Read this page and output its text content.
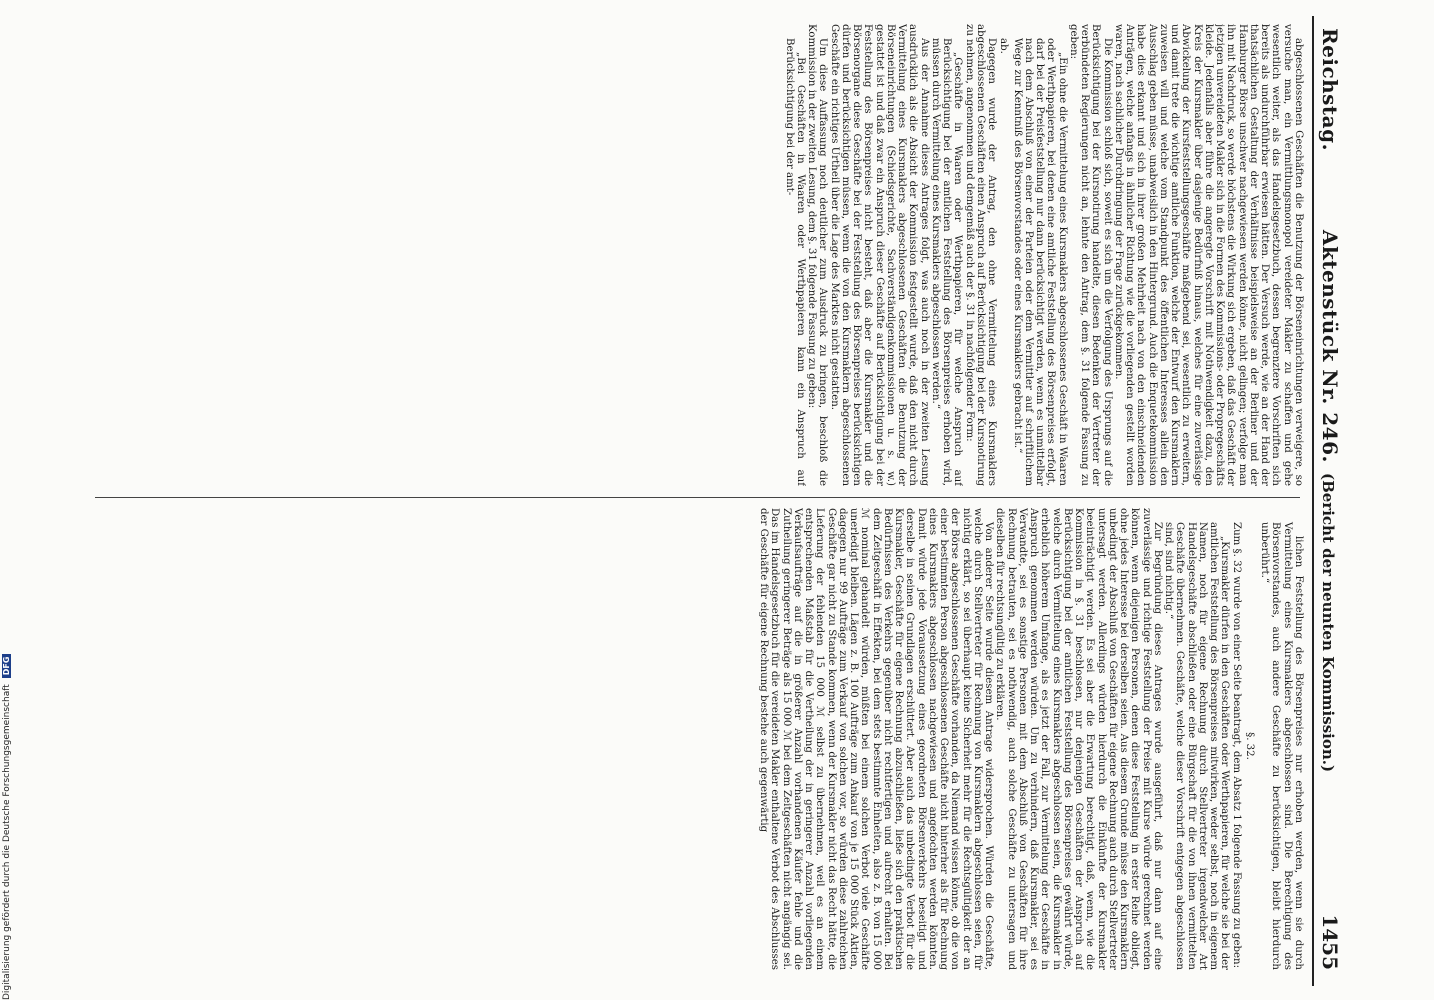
Reichstag.
Aktenstück Nr. 246.(Bericht der neunten Kommission.)
1455

abgeschlossenen Geschäften die Benutzung der Börseneinrichtungen verweigere, so versuche man, ein Vermittlungsmonopol vereideter Makler zu schaffen und gehe wesentlich weiter, als das Handelsgesetzbuch, dessen begrenztere Vorschriften sich bereits als undurchführbar erwiesen hätten. Der Versuch werde, wie an der Hand der thatsächlichen Gestaltung der Verhältnisse beispielsweise an der Berliner und der Hamburger Börse unschwer nachgewiesen werden könne, nicht gelingen; verfolge man ihn mit Nachdruck, so werde höchstens die Wirkung sich ergeben, daß das Geschäft der jetzigen unvereideten Makler sich in die Formen des Kommissions- oder Propregeschäfts kleide. Jedenfalls aber führe die angeregte Vorschrift mit Nothwendigkeit dazu, den Kreis der Kursmakler über dasjenige Bedürfniß hinaus, welches für eine zuverlässige Abwickelung der Kursfeststellungsgeschäfte maßgebend sei, wesentlich zu erweitern, und damit trete die wichtige amtliche Funktion, welche der Entwurf den Kursmaklern zuweisen will und welche vom Standpunkt des öffentlichen Interesses allein den Ausschlag geben müsse, unabweislich in den Hintergrund. Auch die Enquetekommission habe dies erkannt und sich in ihrer großen Mehrheit nach von den einschneidenden Anträgen, welche anfangs in ähnlicher Richtung wie die vorliegenden gestellt worden waren, nach sachlicher Durchdringung der Frage zurückgekommen.

Die Kommission schloß sich, soweit es sich um die Verfolgung des Ursprungs auf die Berücksichtigung bei der Kursnotirung handelte, diesen Bedenken der Vertreter der verbündeten Regierungen nicht an, lehnte den Antrag, dem §. 31 folgende Fassung zu geben:

„Ein ohne die Vermittelung eines Kursmaklers abgeschlossenes Geschäft in Waaren oder Werthpapieren, bei denen eine amtliche Feststellung des Börsenpreises erfolgt, darf bei der Preisfeststellung nur dann berücksichtigt werden, wenn es unmittelbar nach dem Abschluß von einer der Parteien oder dem Vermittler auf schriftlichem Wege zur Kenntniß des Börsenvorstandes oder eines Kursmaklers gebracht ist.“

ab.

Dagegen wurde der Antrag, den ohne Vermittelung eines Kursmaklers abgeschlossenen Geschäften einen Anspruch auf Berücksichtigung bei der Kursnotirung zu nehmen, angenommen und demgemäß auch der §. 31 in nachfolgender Form:

„Geschäfte in Waaren oder Werthpapieren, für welche Anspruch auf Berücksichtigung bei der amtlichen Feststellung des Börsenpreises erhoben wird, müssen durch Vermittelung eines Kursmaklers abgeschlossen werden.“

Aus der Annahme dieses Antrages folgt, was auch noch in der zweiten Lesung ausdrücklich als die Absicht der Kommission festgestellt wurde, daß den nicht durch Vermittelung eines Kursmaklers abgeschlossenen Geschäften die Benutzung der Börseneinrichtungen (Schiedsgerichte, Sachverständigenkommissionen u. s. w.) gestattet ist und daß zwar ein Anspruch dieser Geschäfte auf Berücksichtigung bei der Feststellung des Börsenpreises nicht besteht, daß aber die Kursmakler und die Börsenorgane diese Geschäfte bei der Feststellung des Börsenpreises berücksichtigen dürfen und berücksichtigen müssen, wenn die von den Kursmaklern abgeschlossenen Geschäfte ein richtiges Urtheil über die Lage des Marktes nicht gestatten.

Um diese Auffassung noch deutlicher zum Ausdruck zu bringen, beschloß die Kommission in der zweiten Lesung, dem §. 31 folgende Fassung zu geben:

„Bei Geschäften in Waaren oder Werthpapieren kann ein Anspruch auf Berücksichtigung bei der amt-

lichen Feststellung des Börsenpreises nur erhoben werden, wenn sie durch Vermittelung eines Kursmaklers abgeschlossen sind. Die Berechtigung des Börsenvorstandes, auch andere Geschäfte zu berücksichtigen, bleibt hierdurch unberührt.“

§. 32.

Zum §. 32 wurde von einer Seite beantragt, dem Absatz 1 folgende Fassung zu geben:

„Kursmakler dürfen in den Geschäften oder Werthpapieren, für welche sie bei der amtlichen Feststellung des Börsenpreises mitwirken, weder selbst, noch in eigenem Namen, noch für eigene Rechnung durch Stellvertreter irgendwelcher Art Handelsgeschäfte abschließen oder eine Bürgschaft für die von ihnen vermittelten Geschäfte übernehmen. Geschäfte, welche dieser Vorschrift entgegen abgeschlossen sind, sind nichtig.“

Zur Begründung dieses Antrages wurde ausgeführt, daß nur dann auf eine zuverlässige und richtige Feststellung der Preise mit Kurse würde gerechnet werden können, wenn diejenigen Personen, denen diese Feststellung in erster Reihe obliegt, ohne jedes Interesse bei derselben seien. Aus diesem Grunde müsse den Kursmaklern unbedingt der Abschluß von Geschäften für eigene Rechnung auch durch Stellvertreter untersagt werden. Allerdings würden hierdurch die Einkünfte der Kursmakler beeinträchtigt werden. Es sei aber die Erwartung berechtigt, daß, wenn, wie die Kommission in §. 31 beschlossen, nur denjenigen Geschäften der Anspruch auf Berücksichtigung bei der amtlichen Feststellung des Börsenpreises gewährt würde, welche durch Vermittelung eines Kursmaklers abgeschlossen seien, die Kursmakler in erheblich höherem Umfange, als es jetzt der Fall, zur Vermittelung der Geschäfte in Anspruch genommen werden würden. Um zu verhindern, daß Kursmakler, sei es Verwandte, sei es sonstige Personen mit dem Abschluß von Geschäften für ihre Rechnung betrauten, sei es nothwendig, auch solche Geschäfte zu untersagen und dieselben für rechtsungültig zu erklären.

Von anderer Seite wurde diesem Antrage widersprochen. Würden die Geschäfte, welche durch Stellvertreter für Rechnung von Kursmaklern abgeschlossen seien, für nichtig erklärt, so sei überhaupt keine Sicherheit mehr für die Rechtsgültigkeit der an der Börse abgeschlossenen Geschäfte vorhanden, da Niemand wissen könne, ob die von einer bestimmten Person abgeschlossenen Geschäfte nicht hinterher als für Rechnung eines Kursmaklers abgeschlossen nachgewiesen und angefochten werden könnten. Damit würde jede Voraussetzung eines geordneten Börsenverkehrs beseitigt und derselbe in seinen Grundlagen erschüttert. Aber auch das unbedingte Verbot für die Kursmakler, Geschäfte für eigene Rechnung abzuschließen, ließe sich den praktischen Bedürfnissen des Verkehrs gegenüber nicht rechtfertigen und aufrecht erhalten. Bei dem Zeitgeschäft in Effekten, bei dem stets bestimmte Einheiten, also z. B. von 15 000 ℳ nominal gehandelt würden, müßten bei einem solchen Verbot viele Geschäfte unerledigt bleiben. Lägen z. B. 100 Aufträge zum Ankauf von je 15 000 Stück Aktien, dagegen nur 99 Aufträge zum Verkauf von solchen vor, so würden diese zahlreichen Geschäfte gar nicht zu Stande kommen, wenn der Kursmakler nicht das Recht hätte, die Lieferung der fehlenden 15 000 ℳ selbst zu übernehmen, weil es an einem entsprechenden Maßstab für die Vertheilung der in geringerer Anzahl vorliegenden Verkaufsaufträge auf die in größerer Anzahl vorhandenen Käufer fehle und die Zutheilung geringerer Beträge als 15 000 ℳ bei dem Zeitgeschäften nicht angängig sei. Das im Handelsgesetzbuch für die vereideten Makler enthaltene Verbot des Abschlusses der Geschäfte für eigene Rechnung bestehe auch gegenwärtig

Digitalisierung gefördert durch die Deutsche ForschungsgemeinschaftDFG
